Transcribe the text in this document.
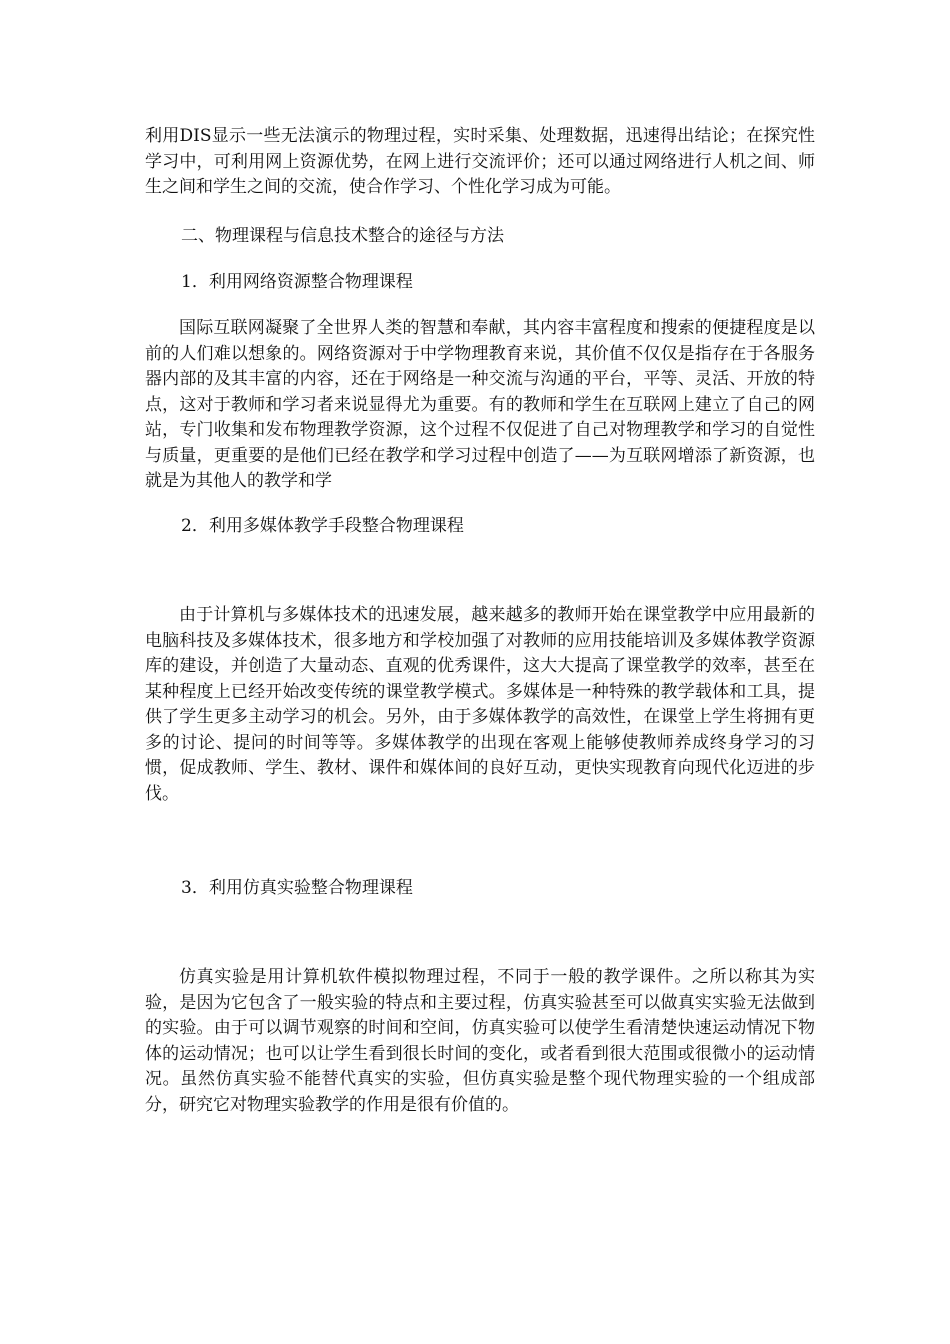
利用DIS显示一些无法演示的物理过程，实时采集、处理数据，迅速得出结论；在探究性学习中，可利用网上资源优势，在网上进行交流评价；还可以通过网络进行人机之间、师生之间和学生之间的交流，使合作学习、个性化学习成为可能。

二、物理课程与信息技术整合的途径与方法

1．利用网络资源整合物理课程

国际互联网凝聚了全世界人类的智慧和奉献，其内容丰富程度和搜索的便捷程度是以前的人们难以想象的。网络资源对于中学物理教育来说，其价值不仅仅是指存在于各服务器内部的及其丰富的内容，还在于网络是一种交流与沟通的平台，平等、灵活、开放的特点，这对于教师和学习者来说显得尤为重要。有的教师和学生在互联网上建立了自己的网站，专门收集和发布物理教学资源，这个过程不仅促进了自己对物理教学和学习的自觉性与质量，更重要的是他们已经在教学和学习过程中创造了——为互联网增添了新资源，也就是为其他人的教学和学

2．利用多媒体教学手段整合物理课程

由于计算机与多媒体技术的迅速发展，越来越多的教师开始在课堂教学中应用最新的电脑科技及多媒体技术，很多地方和学校加强了对教师的应用技能培训及多媒体教学资源库的建设，并创造了大量动态、直观的优秀课件，这大大提高了课堂教学的效率，甚至在某种程度上已经开始改变传统的课堂教学模式。多媒体是一种特殊的教学载体和工具，提供了学生更多主动学习的机会。另外，由于多媒体教学的高效性，在课堂上学生将拥有更多的讨论、提问的时间等等。多媒体教学的出现在客观上能够使教师养成终身学习的习惯，促成教师、学生、教材、课件和媒体间的良好互动，更快实现教育向现代化迈进的步伐。

3．利用仿真实验整合物理课程

仿真实验是用计算机软件模拟物理过程，不同于一般的教学课件。之所以称其为实验，是因为它包含了一般实验的特点和主要过程，仿真实验甚至可以做真实实验无法做到的实验。由于可以调节观察的时间和空间，仿真实验可以使学生看清楚快速运动情况下物体的运动情况；也可以让学生看到很长时间的变化，或者看到很大范围或很微小的运动情况。虽然仿真实验不能替代真实的实验，但仿真实验是整个现代物理实验的一个组成部分，研究它对物理实验教学的作用是很有价值的。
